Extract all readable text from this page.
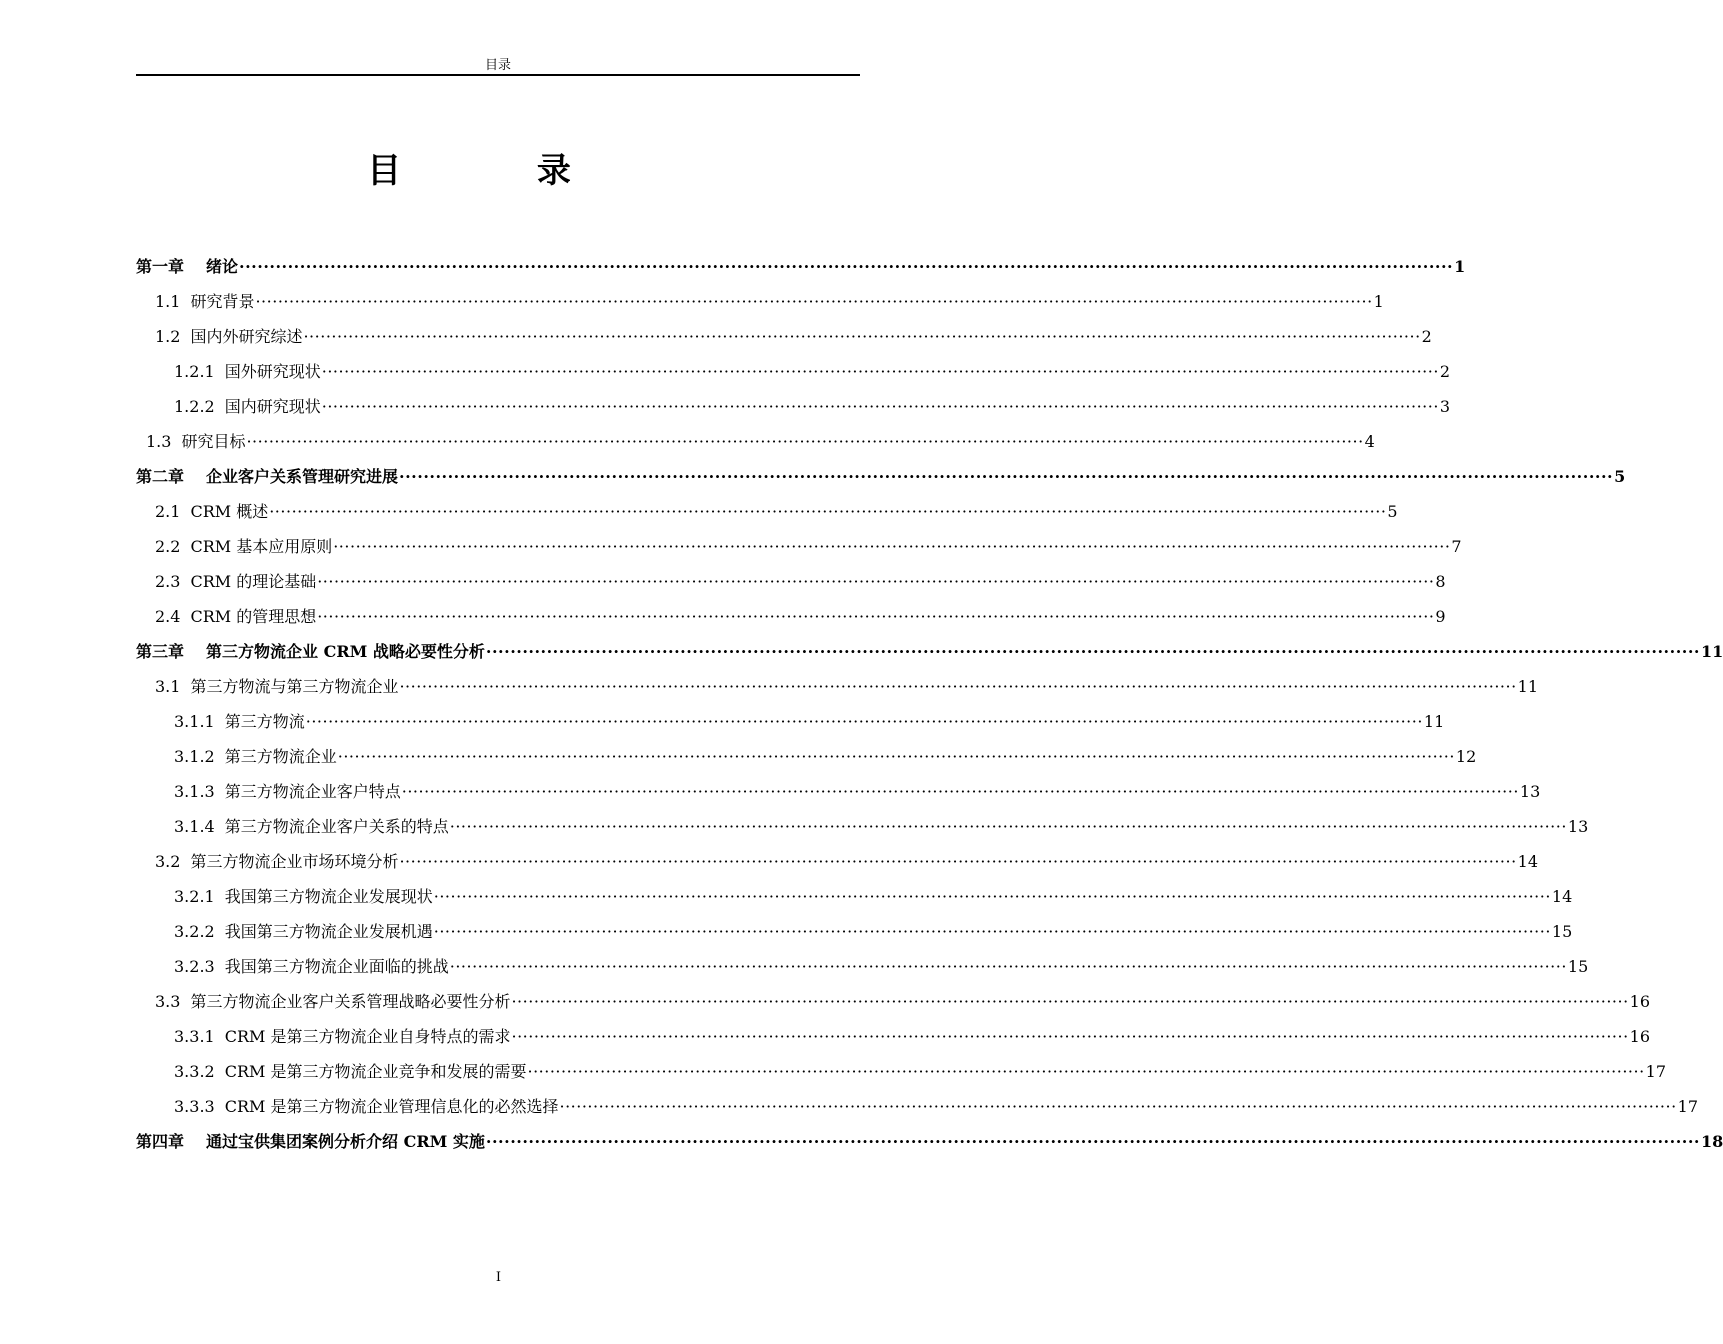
目录
目 录
第一章 绪论 ········································································································································································································ 1
1.1 研究背景 ········································································································································································································ 1
1.2 国内外研究综述 ········································································································································································································ 2
1.2.1 国外研究现状 ········································································································································································································ 2
1.2.2 国内研究现状 ········································································································································································································ 3
1.3 研究目标 ········································································································································································································ 4
第二章 企业客户关系管理研究进展 ········································································································································································································ 5
2.1 CRM 概述 ········································································································································································································ 5
2.2 CRM 基本应用原则 ········································································································································································································ 7
2.3 CRM 的理论基础 ········································································································································································································ 8
2.4 CRM 的管理思想 ········································································································································································································ 9
第三章 第三方物流企业 CRM 战略必要性分析 ········································································································································································································ 11
3.1 第三方物流与第三方物流企业 ········································································································································································································ 11
3.1.1 第三方物流 ········································································································································································································ 11
3.1.2 第三方物流企业 ········································································································································································································ 12
3.1.3 第三方物流企业客户特点 ········································································································································································································ 13
3.1.4 第三方物流企业客户关系的特点 ········································································································································································································ 13
3.2 第三方物流企业市场环境分析 ········································································································································································································ 14
3.2.1 我国第三方物流企业发展现状 ········································································································································································································ 14
3.2.2 我国第三方物流企业发展机遇 ········································································································································································································ 15
3.2.3 我国第三方物流企业面临的挑战 ········································································································································································································ 15
3.3 第三方物流企业客户关系管理战略必要性分析 ········································································································································································································ 16
3.3.1 CRM 是第三方物流企业自身特点的需求 ········································································································································································································ 16
3.3.2 CRM 是第三方物流企业竞争和发展的需要 ········································································································································································································ 17
3.3.3 CRM 是第三方物流企业管理信息化的必然选择 ········································································································································································································ 17
第四章 通过宝供集团案例分析介绍 CRM 实施 ········································································································································································································ 18
I
